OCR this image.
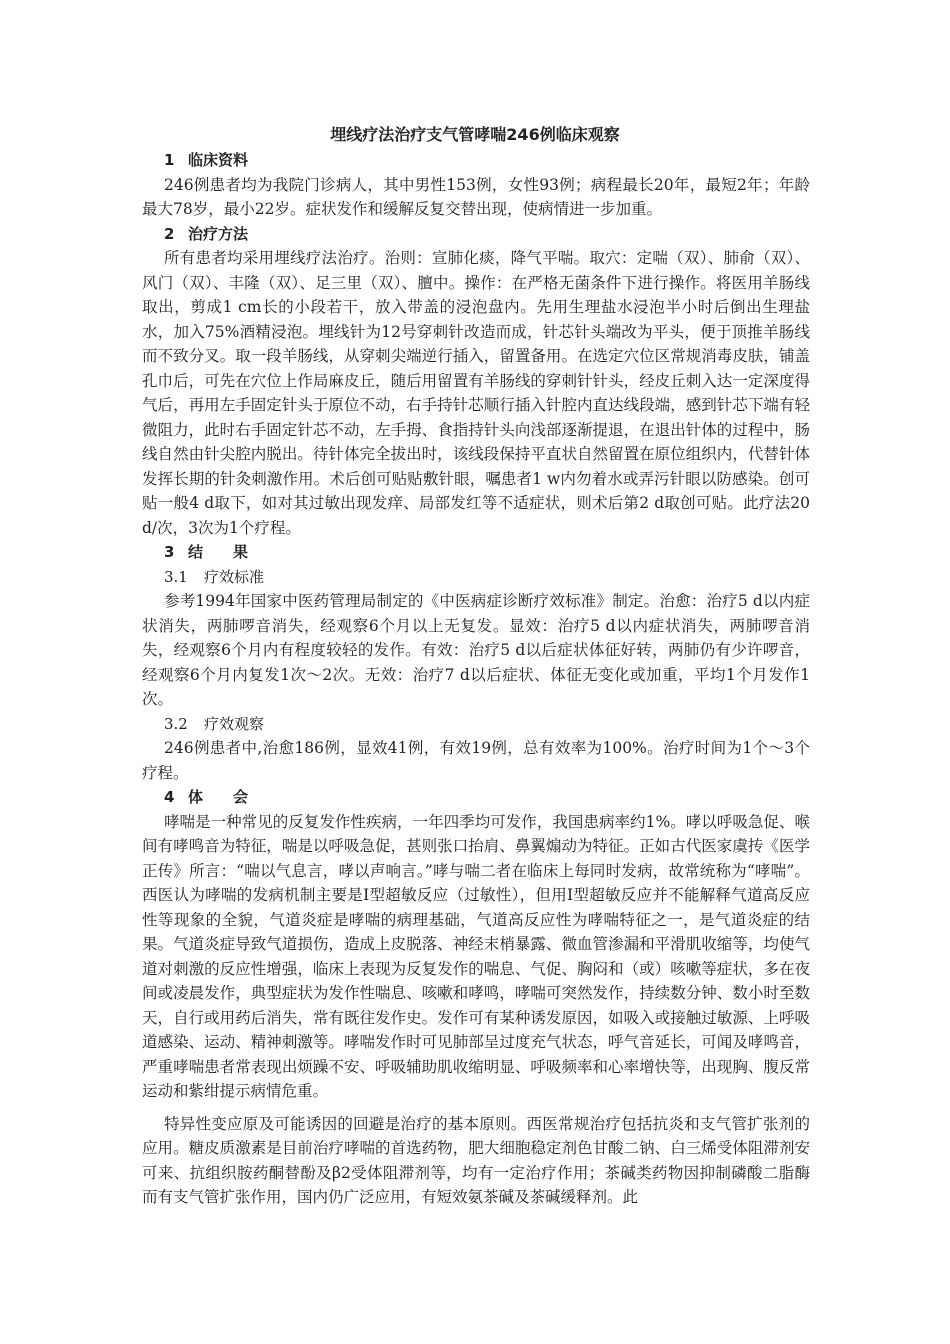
埋线疗法治疗支气管哮喘246例临床观察
1 临床资料

246例患者均为我院门诊病人，其中男性153例，女性93例；病程最长20年，最短2年；年龄最大78岁，最小22岁。症状发作和缓解反复交替出现，使病情进一步加重。

2 治疗方法

所有患者均采用埋线疗法治疗。治则：宣肺化痰，降气平喘。取穴：定喘（双）、肺俞（双）、风门（双）、丰隆（双）、足三里（双）、膻中。操作：在严格无菌条件下进行操作。将医用羊肠线取出，剪成1 cm长的小段若干，放入带盖的浸泡盘内。先用生理盐水浸泡半小时后倒出生理盐水，加入75%酒精浸泡。埋线针为12号穿刺针改造而成，针芯针头端改为平头，便于顶推羊肠线而不致分叉。取一段羊肠线，从穿刺尖端逆行插入，留置备用。在选定穴位区常规消毒皮肤，铺盖孔巾后，可先在穴位上作局麻皮丘，随后用留置有羊肠线的穿刺针针头，经皮丘刺入达一定深度得气后，再用左手固定针头于原位不动，右手持针芯顺行插入针腔内直达线段端，感到针芯下端有轻微阻力，此时右手固定针芯不动，左手拇、食指持针头向浅部逐渐提退，在退出针体的过程中，肠线自然由针尖腔内脱出。待针体完全拔出时，该线段保持平直状自然留置在原位组织内，代替针体发挥长期的针灸刺激作用。术后创可贴贴敷针眼，嘱患者1 w内勿着水或弄污针眼以防感染。创可贴一般4 d取下，如对其过敏出现发痒、局部发红等不适症状，则术后第2 d取创可贴。此疗法20 d/次，3次为1个疗程。

3 结　　果
3.1 疗效标准

参考1994年国家中医药管理局制定的《中医病症诊断疗效标准》制定。治愈：治疗5 d以内症状消失，两肺啰音消失，经观察6个月以上无复发。显效：治疗5 d以内症状消失，两肺啰音消失，经观察6个月内有程度较轻的发作。有效：治疗5 d以后症状体征好转，两肺仍有少许啰音，经观察6个月内复发1次～2次。无效：治疗7 d以后症状、体征无变化或加重，平均1个月发作1次。

3.2 疗效观察

246例患者中,治愈186例，显效41例，有效19例，总有效率为100%。治疗时间为1个～3个疗程。

4 体　　会

哮喘是一种常见的反复发作性疾病，一年四季均可发作，我国患病率约1%。哮以呼吸急促、喉间有哮鸣音为特征，喘是以呼吸急促，甚则张口抬肩、鼻翼煽动为特征。正如古代医家虞抟《医学正传》所言：“喘以气息言，哮以声响言。”哮与喘二者在临床上每同时发病，故常统称为“哮喘”。西医认为哮喘的发病机制主要是Ⅰ型超敏反应（过敏性），但用Ⅰ型超敏反应并不能解释气道高反应性等现象的全貌，气道炎症是哮喘的病理基础，气道高反应性为哮喘特征之一，是气道炎症的结果。气道炎症导致气道损伤，造成上皮脱落、神经末梢暴露、微血管渗漏和平滑肌收缩等，均使气道对刺激的反应性增强，临床上表现为反复发作的喘息、气促、胸闷和（或）咳嗽等症状，多在夜间或凌晨发作，典型症状为发作性喘息、咳嗽和哮鸣，哮喘可突然发作，持续数分钟、数小时至数天，自行或用药后消失，常有既往发作史。发作可有某种诱发原因，如吸入或接触过敏源、上呼吸道感染、运动、精神刺激等。哮喘发作时可见肺部呈过度充气状态，呼气音延长，可闻及哮鸣音，严重哮喘患者常表现出烦躁不安、呼吸辅助肌收缩明显、呼吸频率和心率增快等，出现胸、腹反常运动和紫绀提示病情危重。

特异性变应原及可能诱因的回避是治疗的基本原则。西医常规治疗包括抗炎和支气管扩张剂的应用。糖皮质激素是目前治疗哮喘的首选药物，肥大细胞稳定剂色甘酸二钠、白三烯受体阻滞剂安可来、抗组织胺药酮替酚及β2受体阻滞剂等，均有一定治疗作用；茶碱类药物因抑制磷酸二脂酶而有支气管扩张作用，国内仍广泛应用，有短效氨茶碱及茶碱缓释剂。此
